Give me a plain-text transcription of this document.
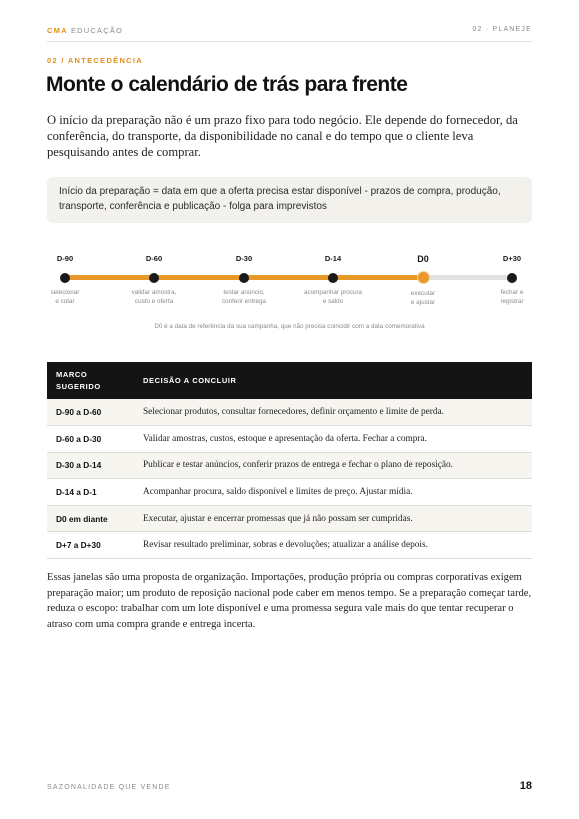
CMA EDUCAÇÃO	02 · PLANEJE
02 / ANTECEDÊNCIA
Monte o calendário de trás para frente

O início da preparação não é um prazo fixo para todo negócio. Ele depende do fornecedor, da conferência, do transporte, da disponibilidade no canal e do tempo que o cliente leva pesquisando antes de comprar.

Início da preparação = data em que a oferta precisa estar disponível - prazos de compra, produção, transporte, conferência e publicação - folga para imprevistos
D-90
selecionar
e cotar
D-60
validar amostra,
custo e oferta
D-30
testar anúncio,
conferir entrega
D-14
acompanhar procura
e saldo
D0
executar
e ajustar
D+30
fechar e
registrar
D0 é a data de referência da sua campanha, que não precisa coincidir com a data comemorativa
MARCO
SUGERIDO	DECISÃO A CONCLUIR
D-90 a D-60	Selecionar produtos, consultar fornecedores, definir orçamento e limite de perda.
D-60 a D-30	Validar amostras, custos, estoque e apresentação da oferta. Fechar a compra.
D-30 a D-14	Publicar e testar anúncios, conferir prazos de entrega e fechar o plano de reposição.
D-14 a D-1	Acompanhar procura, saldo disponível e limites de preço. Ajustar mídia.
D0 em diante	Executar, ajustar e encerrar promessas que já não possam ser cumpridas.
D+7 a D+30	Revisar resultado preliminar, sobras e devoluções; atualizar a análise depois.

Essas janelas são uma proposta de organização. Importações, produção própria ou compras corporativas exigem preparação maior; um produto de reposição nacional pode caber em menos tempo. Se a preparação começar tarde, reduza o escopo: trabalhar com um lote disponível e uma promessa segura vale mais do que tentar recuperar o atraso com uma compra grande e entrega incerta.

SAZONALIDADE QUE VENDE	18
